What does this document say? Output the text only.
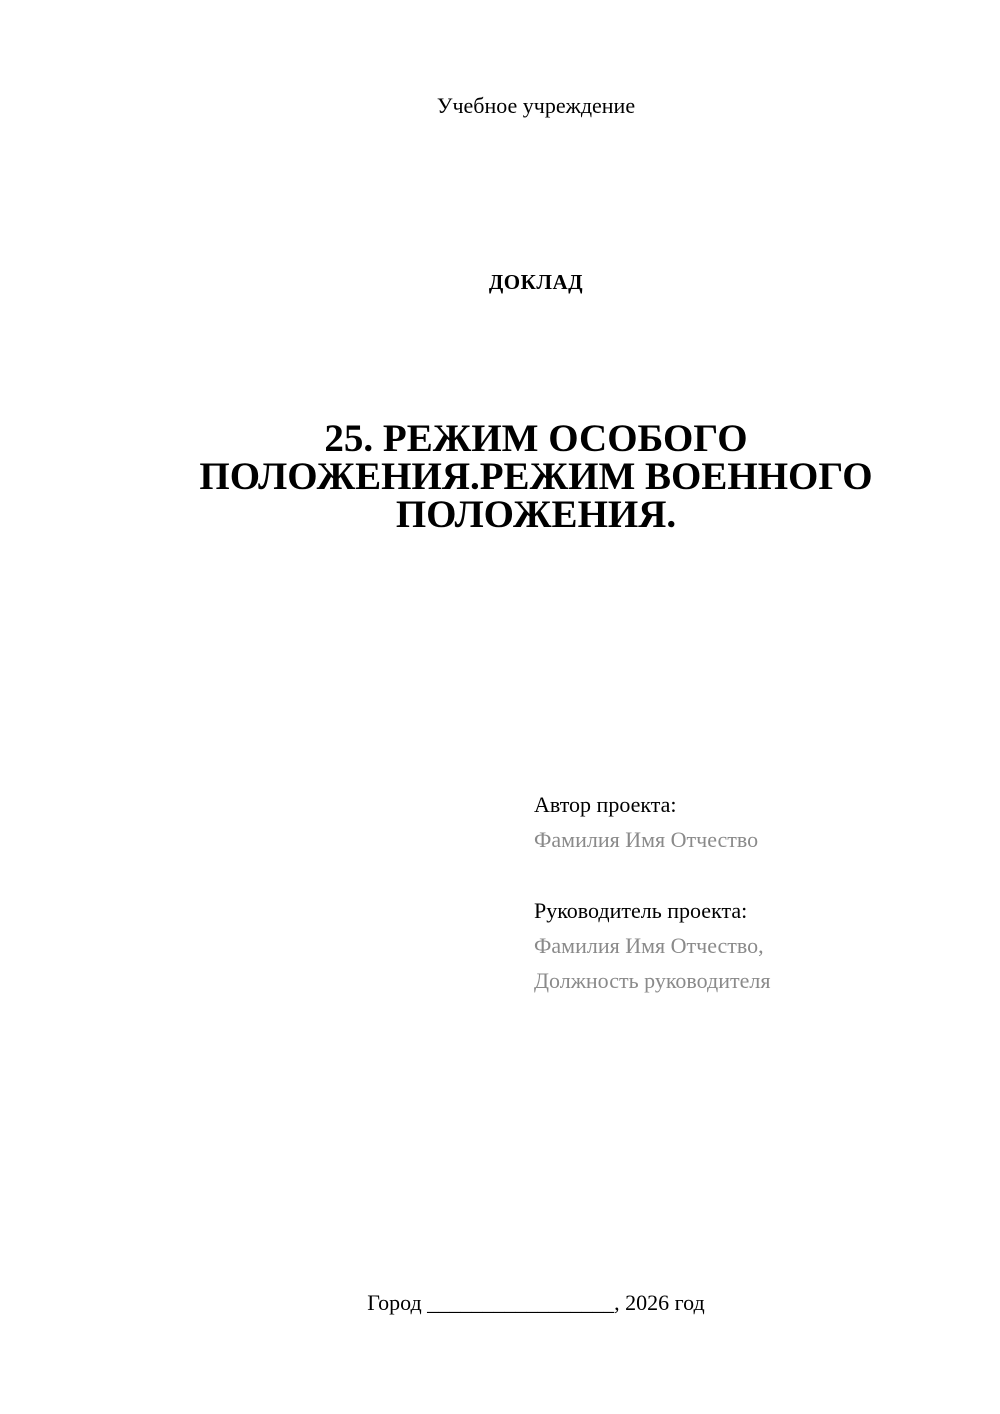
Учебное учреждение
ДОКЛАД
25. РЕЖИМ ОСОБОГО ПОЛОЖЕНИЯ.РЕЖИМ ВОЕННОГО ПОЛОЖЕНИЯ.
Автор проекта:
Фамилия Имя Отчество
Руководитель проекта:
Фамилия Имя Отчество,
Должность руководителя
Город _________________, 2026 год
